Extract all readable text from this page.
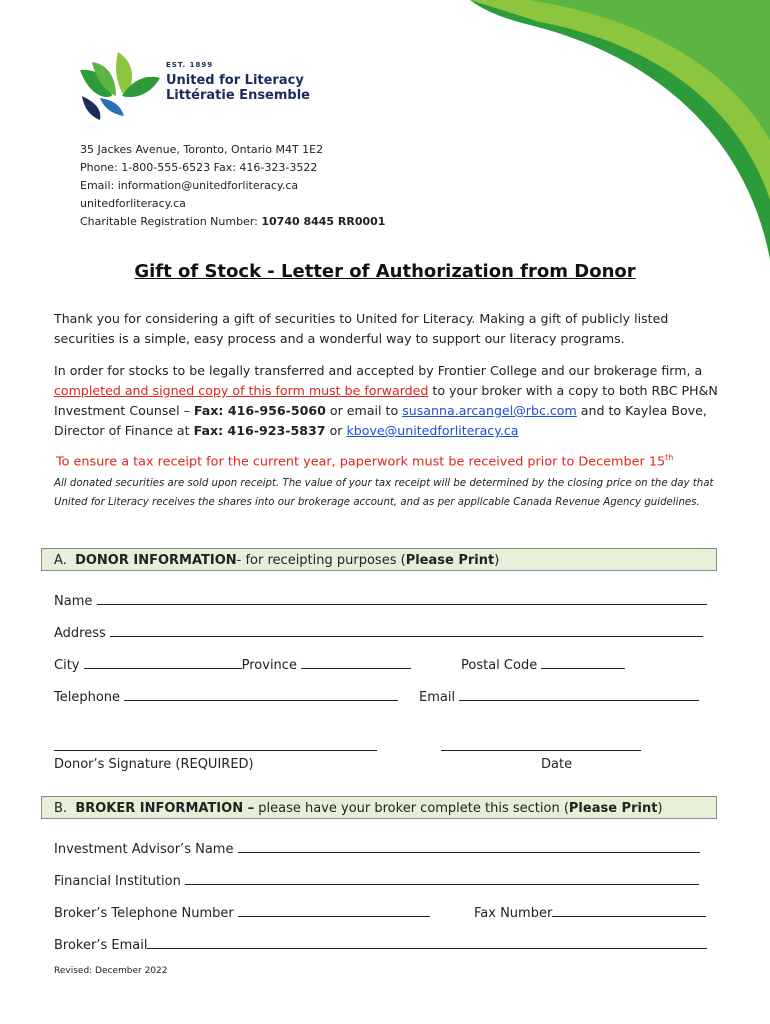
EST. 1899
United for Literacy
Littératie Ensemble
35 Jackes Avenue, Toronto, Ontario M4T 1E2
Phone: 1-800-555-6523 Fax: 416-323-3522
Email: information@unitedforliteracy.ca
unitedforliteracy.ca
Charitable Registration Number: 10740 8445 RR0001
Gift of Stock - Letter of Authorization from Donor
Thank you for considering a gift of securities to United for Literacy. Making a gift of publicly listed securities is a simple, easy process and a wonderful way to support our literacy programs.
In order for stocks to be legally transferred and accepted by Frontier College and our brokerage firm, a completed and signed copy of this form must be forwarded to your broker with a copy to both RBC PH&N Investment Counsel – Fax: 416-956-5060 or email to susanna.arcangel@rbc.com and to Kaylea Bove, Director of Finance at Fax: 416-923-5837 or kbove@unitedforliteracy.ca
To ensure a tax receipt for the current year, paperwork must be received prior to December 15th
All donated securities are sold upon receipt. The value of your tax receipt will be determined by the closing price on the day that United for Literacy receives the shares into our brokerage account, and as per applicable Canada Revenue Agency guidelines.
A. DONOR INFORMATION- for receipting purposes (Please Print)
Name
Address
City	Province	Postal Code
Telephone	Email
Donor’s Signature (REQUIRED)	Date
B. BROKER INFORMATION – please have your broker complete this section (Please Print)
Investment Advisor’s Name
Financial Institution
Broker’s Telephone Number	Fax Number
Broker’s Email
Revised: December 2022
